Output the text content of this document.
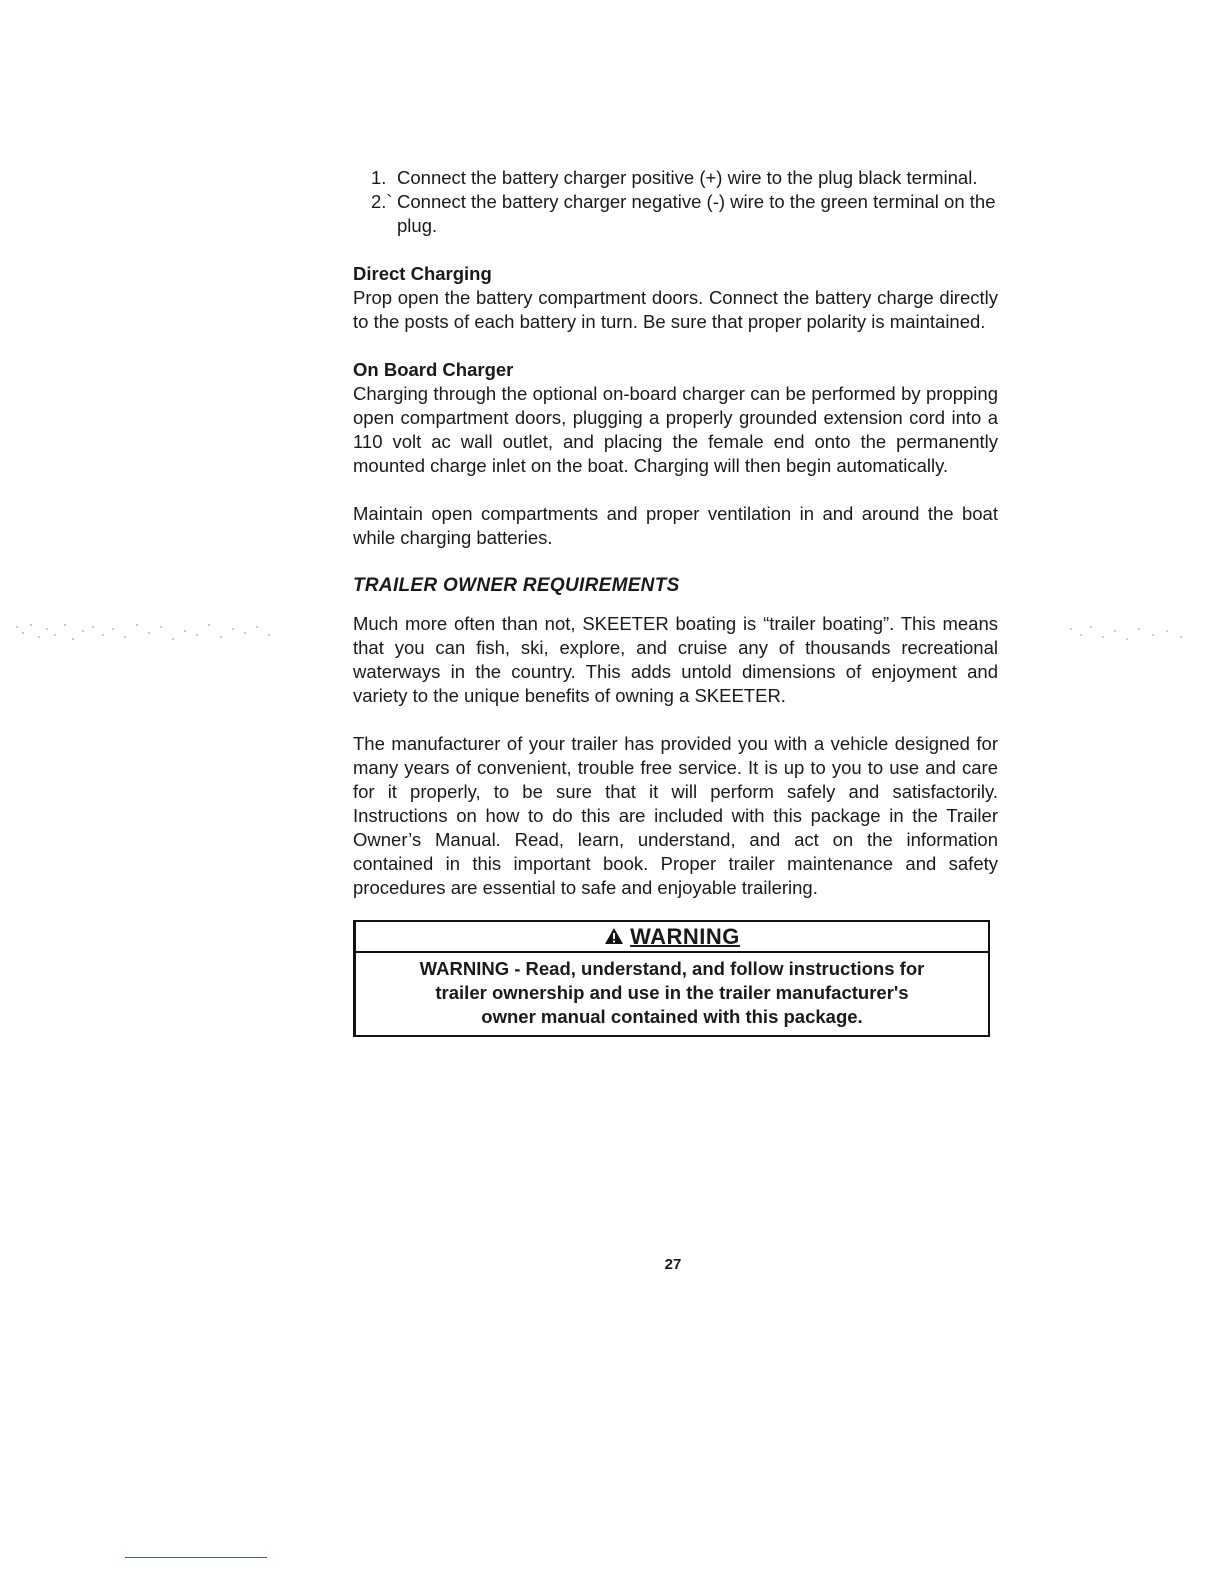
1. Connect the battery charger positive (+) wire to the plug black terminal.
2.` Connect the battery charger negative (-) wire to the green terminal on the plug.

Direct Charging

Prop open the battery compartment doors. Connect the battery charge directly to the posts of each battery in turn. Be sure that proper polarity is maintained.

On Board Charger

Charging through the optional on-board charger can be performed by propping open compartment doors, plugging a properly grounded extension cord into a 110 volt ac wall outlet, and placing the female end onto the permanently mounted charge inlet on the boat. Charging will then begin automatically.

Maintain open compartments and proper ventilation in and around the boat while charging batteries.

TRAILER OWNER REQUIREMENTS

Much more often than not, SKEETER boating is “trailer boating”. This means that you can fish, ski, explore, and cruise any of thousands recreational waterways in the country. This adds untold dimensions of enjoyment and variety to the unique benefits of owning a SKEETER.

The manufacturer of your trailer has provided you with a vehicle designed for many years of convenient, trouble free service. It is up to you to use and care for it properly, to be sure that it will perform safely and satisfactorily. Instructions on how to do this are included with this package in the Trailer Owner’s Manual. Read, learn, understand, and act on the information contained in this important book. Proper trailer maintenance and safety procedures are essential to safe and enjoyable trailering.

WARNING
WARNING - Read, understand, and follow instructions for
trailer ownership and use in the trailer manufacturer's
owner manual contained with this package.
27
